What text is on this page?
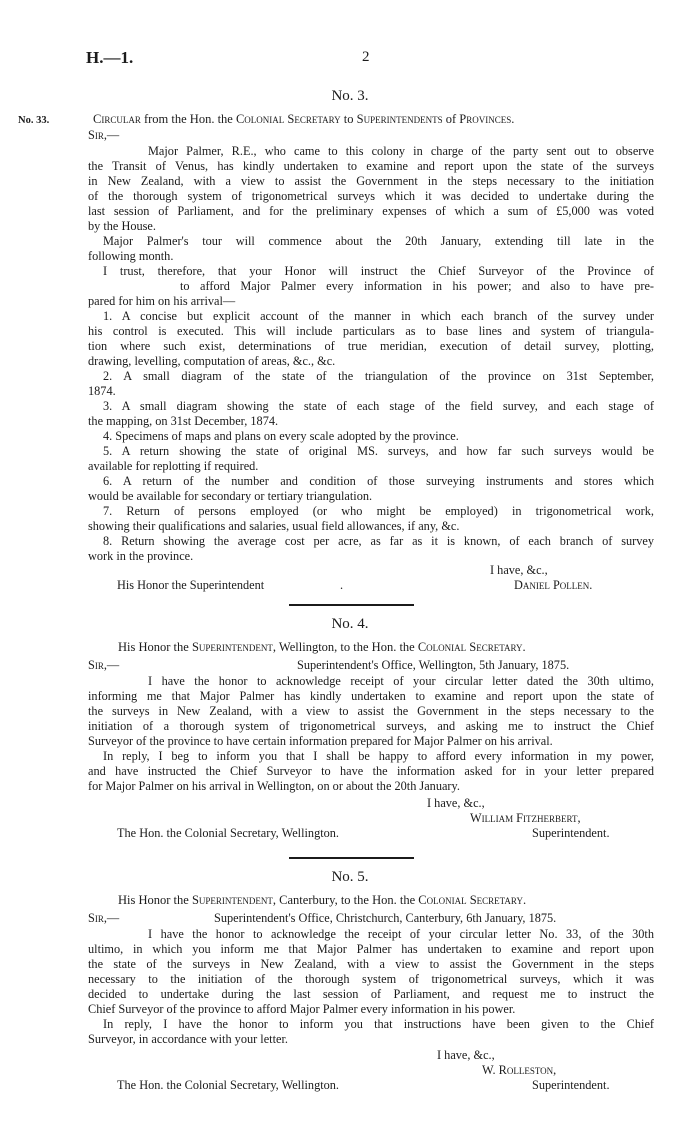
H.—1.	2
No. 3.
No. 33.	Circular from the Hon. the Colonial Secretary to Superintendents of Provinces.
Sir,—
Major Palmer, R.E., who came to this colony in charge of the party sent out to observe
the Transit of Venus, has kindly undertaken to examine and report upon the state of the surveys
in New Zealand, with a view to assist the Government in the steps necessary to the initiation
of the thorough system of trigonometrical surveys which it was decided to undertake during the
last session of Parliament, and for the preliminary expenses of which a sum of £5,000 was voted
by the House.
Major Palmer's tour will commence about the 20th January, extending till late in the
following month.
I trust, therefore, that your Honor will instruct the Chief Surveyor of the Province of
to afford Major Palmer every information in his power; and also to have pre-
pared for him on his arrival—
1. A concise but explicit account of the manner in which each branch of the survey under
his control is executed. This will include particulars as to base lines and system of triangula-
tion where such exist, determinations of true meridian, execution of detail survey, plotting,
drawing, levelling, computation of areas, &c., &c.
2. A small diagram of the state of the triangulation of the province on 31st September,
1874.
3. A small diagram showing the state of each stage of the field survey, and each stage of
the mapping, on 31st December, 1874.
4. Specimens of maps and plans on every scale adopted by the province.
5. A return showing the state of original MS. surveys, and how far such surveys would be
available for replotting if required.
6. A return of the number and condition of those surveying instruments and stores which
would be available for secondary or tertiary triangulation.
7. Return of persons employed (or who might be employed) in trigonometrical work,
showing their qualifications and salaries, usual field allowances, if any, &c.
8. Return showing the average cost per acre, as far as it is known, of each branch of survey
work in the province.
I have, &c.,
His Honor the Superintendent	.	Daniel Pollen.
No. 4.
His Honor the Superintendent, Wellington, to the Hon. the Colonial Secretary.
Sir,—	Superintendent's Office, Wellington, 5th January, 1875.
I have the honor to acknowledge receipt of your circular letter dated the 30th ultimo,
informing me that Major Palmer has kindly undertaken to examine and report upon the state of
the surveys in New Zealand, with a view to assist the Government in the steps necessary to the
initiation of a thorough system of trigonometrical surveys, and asking me to instruct the Chief
Surveyor of the province to have certain information prepared for Major Palmer on his arrival.
In reply, I beg to inform you that I shall be happy to afford every information in my power,
and have instructed the Chief Surveyor to have the information asked for in your letter prepared
for Major Palmer on his arrival in Wellington, on or about the 20th January.
I have, &c.,
William Fitzherbert,
The Hon. the Colonial Secretary, Wellington.	Superintendent.
No. 5.
His Honor the Superintendent, Canterbury, to the Hon. the Colonial Secretary.
Sir,—	Superintendent's Office, Christchurch, Canterbury, 6th January, 1875.
I have the honor to acknowledge the receipt of your circular letter No. 33, of the 30th
ultimo, in which you inform me that Major Palmer has undertaken to examine and report upon
the state of the surveys in New Zealand, with a view to assist the Government in the steps
necessary to the initiation of the thorough system of trigonometrical surveys, which it was
decided to undertake during the last session of Parliament, and request me to instruct the
Chief Surveyor of the province to afford Major Palmer every information in his power.
In reply, I have the honor to inform you that instructions have been given to the Chief
Surveyor, in accordance with your letter.
I have, &c.,
W. Rolleston,
The Hon. the Colonial Secretary, Wellington.	Superintendent.
